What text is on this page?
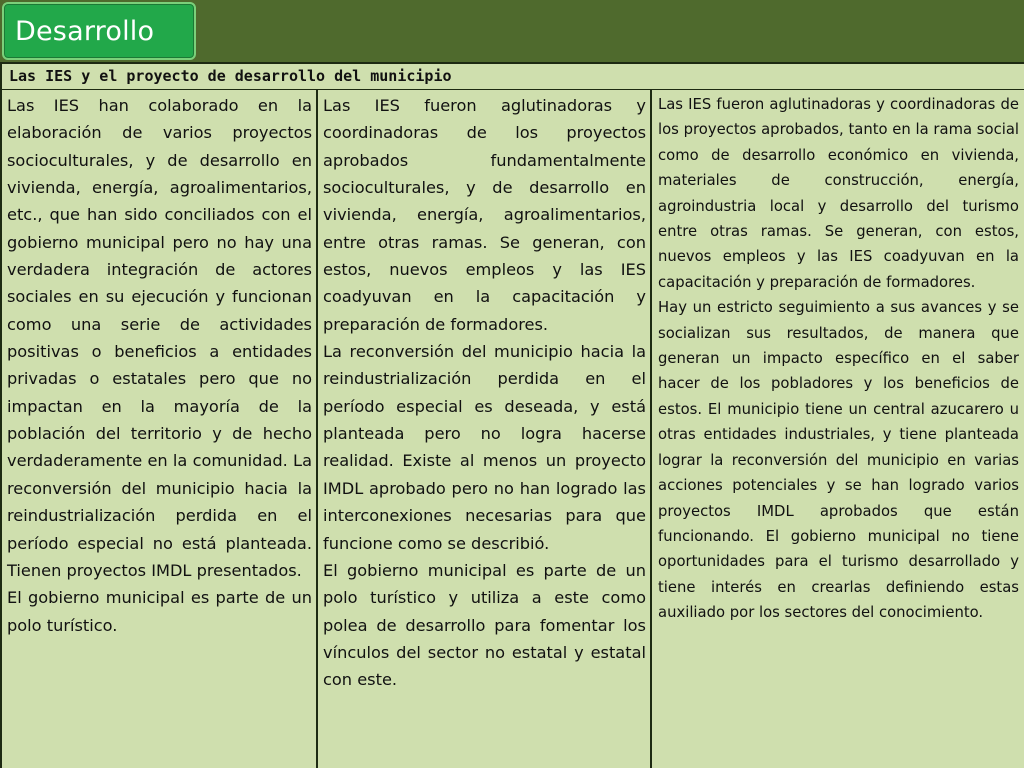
Desarrollo
Las IES y el proyecto de desarrollo del municipio

Las IES han colaborado en la elaboración de varios proyectos socioculturales, y de desarrollo en vivienda, energía, agroalimentarios, etc., que han sido conciliados con el gobierno municipal pero no hay una verdadera integración de actores sociales en su ejecución y funcionan como una serie de actividades positivas o beneficios a entidades privadas o estatales pero que no impactan en la mayoría de la población del territorio y de hecho verdaderamente en la comunidad. La reconversión del municipio hacia la reindustrialización perdida en el período especial no está planteada. Tienen proyectos IMDL presentados.

El gobierno municipal es parte de un polo turístico.

Las IES fueron aglutinadoras y coordinadoras de los proyectos aprobados fundamentalmente socioculturales, y de desarrollo en vivienda, energía, agroalimentarios, entre otras ramas. Se generan, con estos, nuevos empleos y las IES coadyuvan en la capacitación y preparación de formadores.

La reconversión del municipio hacia la reindustrialización perdida en el período especial es deseada, y está planteada pero no logra hacerse realidad. Existe al menos un proyecto IMDL aprobado pero no han logrado las interconexiones necesarias para que funcione como se describió.

El gobierno municipal es parte de un polo turístico y utiliza a este como polea de desarrollo para fomentar los vínculos del sector no estatal y estatal con este.

Las IES fueron aglutinadoras y coordinadoras de los proyectos aprobados, tanto en la rama social como de desarrollo económico en vivienda, materiales de construcción, energía, agroindustria local y desarrollo del turismo entre otras ramas. Se generan, con estos, nuevos empleos y las IES coadyuvan en la capacitación y preparación de formadores.

Hay un estricto seguimiento a sus avances y se socializan sus resultados, de manera que generan un impacto específico en el saber hacer de los pobladores y los beneficios de estos. El municipio tiene un central azucarero u otras entidades industriales, y tiene planteada lograr la reconversión del municipio en varias acciones potenciales y se han logrado varios proyectos IMDL aprobados que están funcionando. El gobierno municipal no tiene oportunidades para el turismo desarrollado y tiene interés en crearlas definiendo estas auxiliado por los sectores del conocimiento.
